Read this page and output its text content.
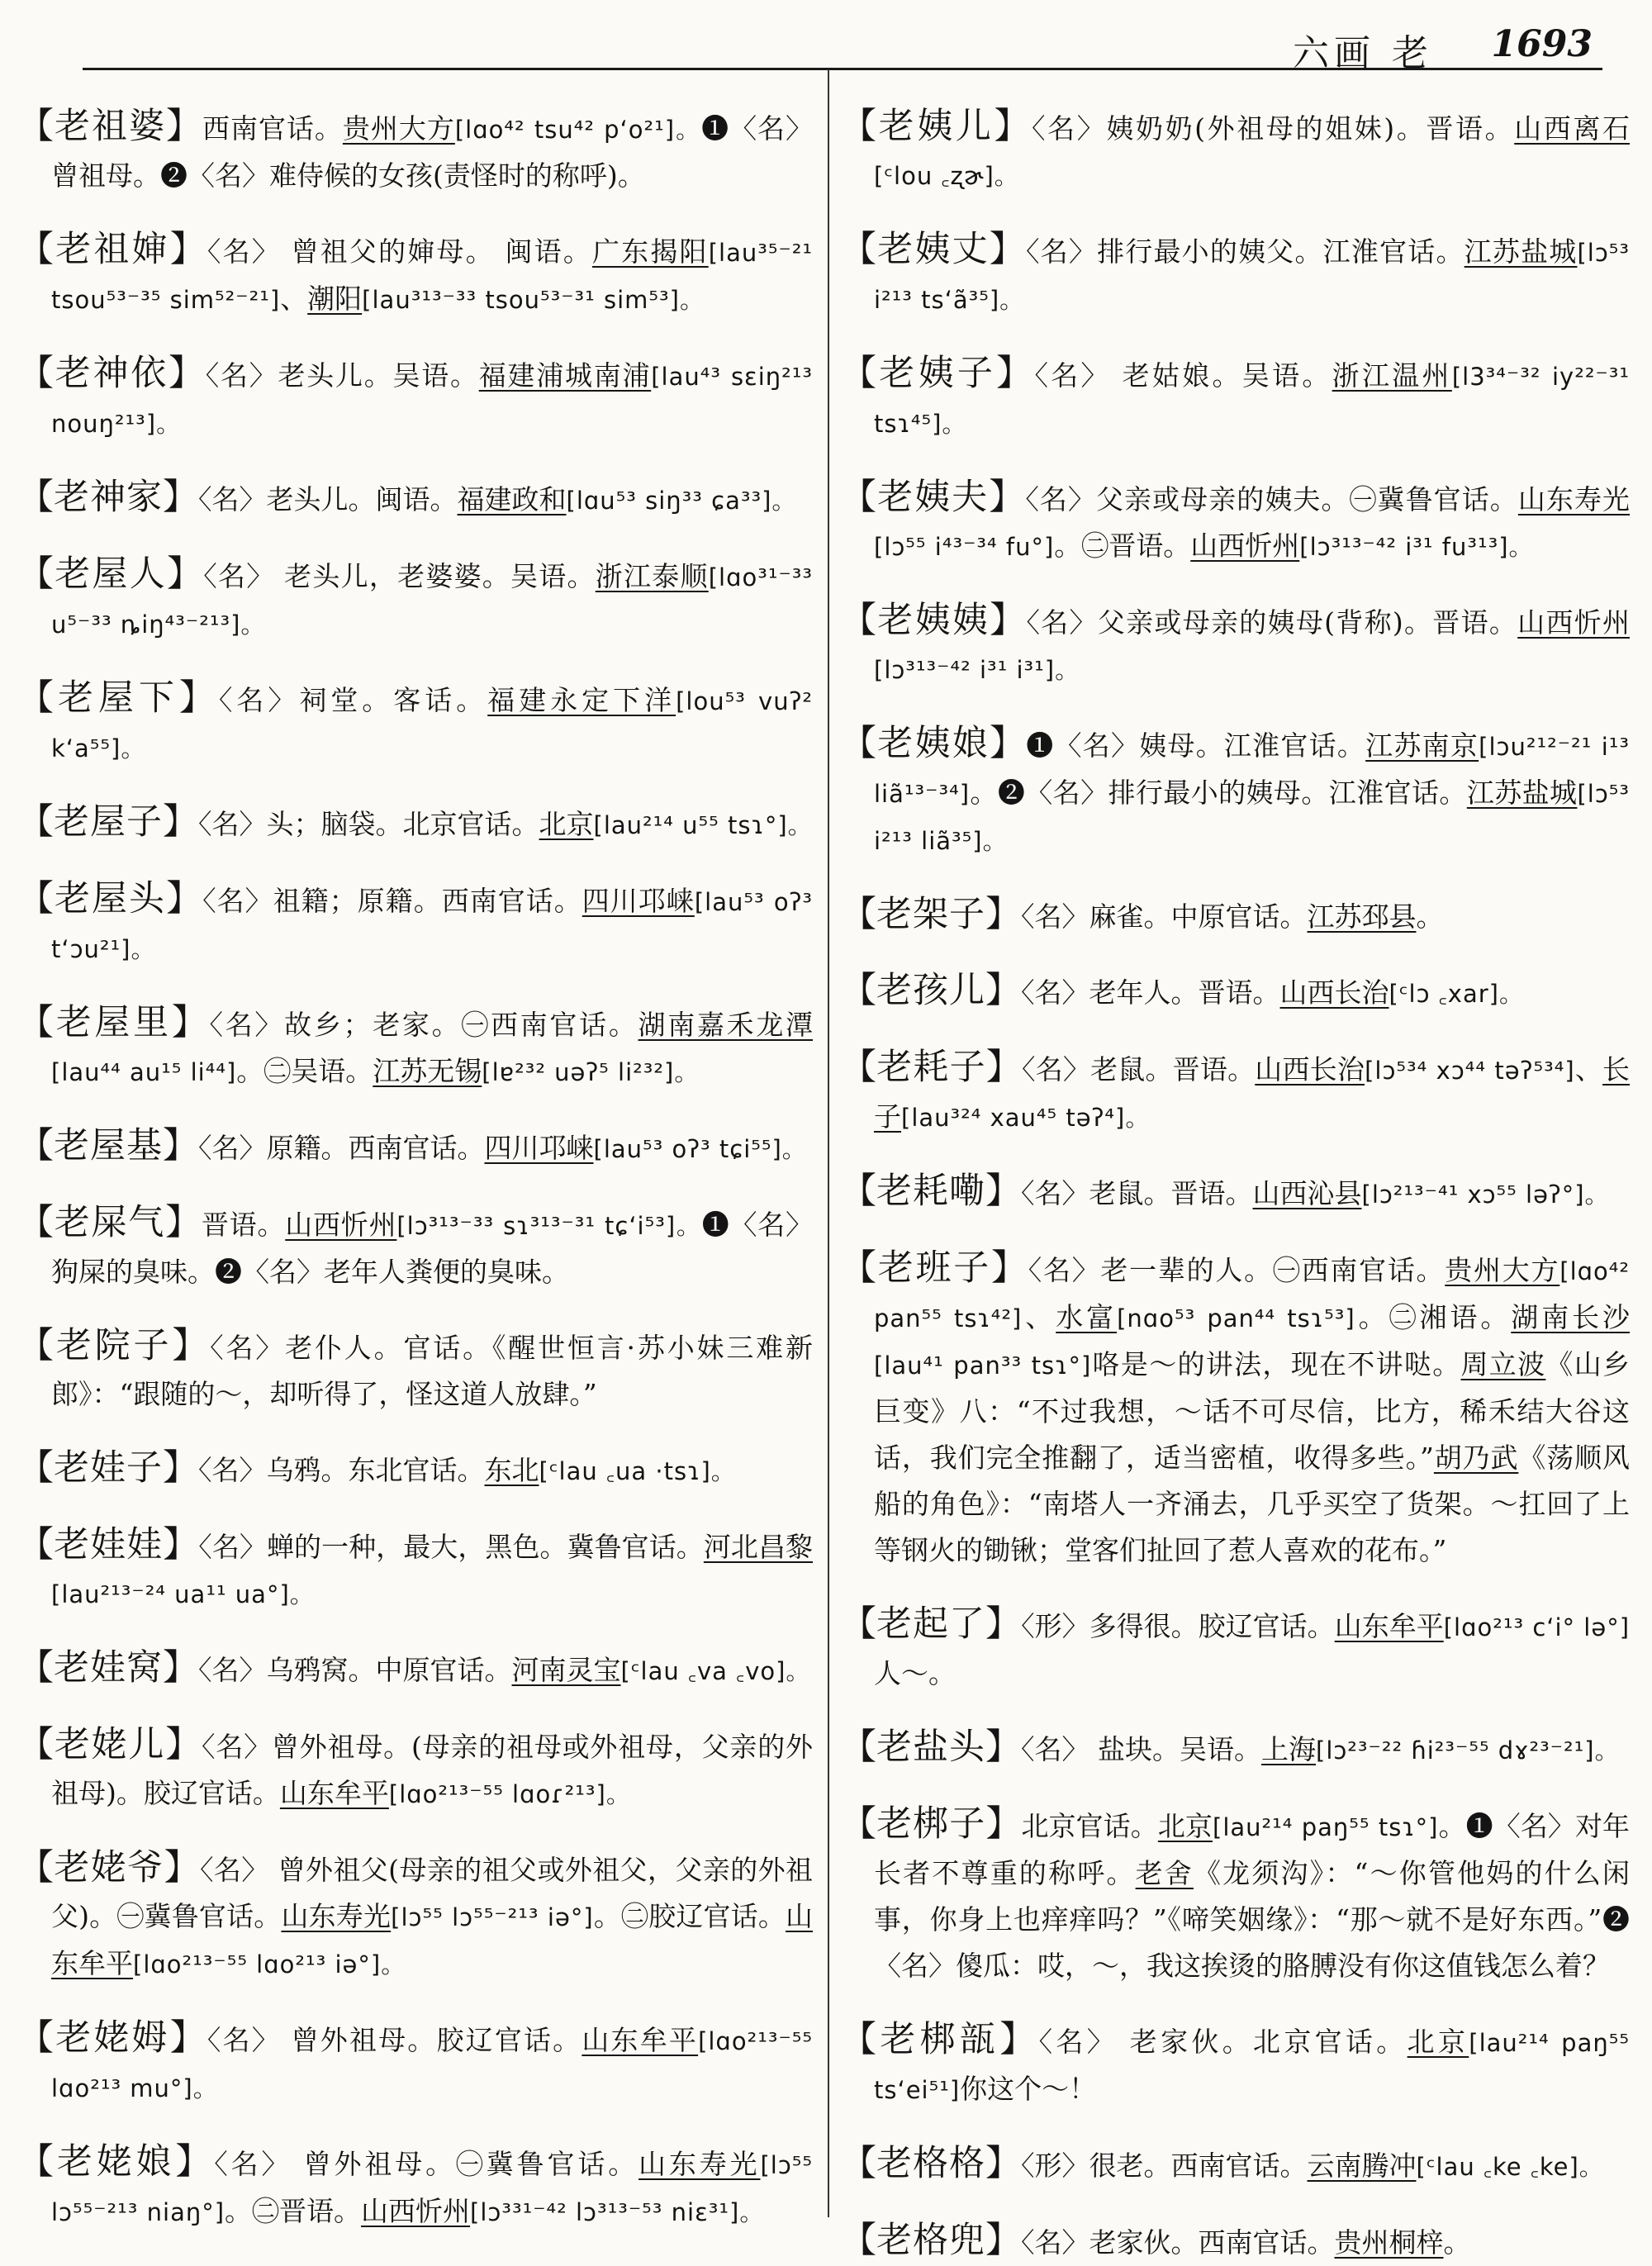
六画 老 1693

【老祖婆】西南官话。贵州大方[lɑo⁴² tsu⁴² p‘o²¹]。❶〈名〉曾祖母。❷〈名〉难侍候的女孩(责怪时的称呼)。

【老祖婶】〈名〉 曾祖父的婶母。 闽语。广东揭阳[lau³⁵⁻²¹ tsou⁵³⁻³⁵ sim⁵²⁻²¹]、潮阳[lau³¹³⁻³³ tsou⁵³⁻³¹ sim⁵³]。

【老神依】〈名〉老头儿。吴语。福建浦城南浦[lau⁴³ sɛiŋ²¹³ nouŋ²¹³]。

【老神家】〈名〉老头儿。闽语。福建政和[lɑu⁵³ siŋ³³ ɕa³³]。

【老屋人】〈名〉 老头儿，老婆婆。吴语。浙江泰顺[lɑo³¹⁻³³ u⁵⁻³³ ȵiŋ⁴³⁻²¹³]。

【老屋下】〈名〉祠堂。客话。福建永定下洋[lou⁵³ vuʔ² k‘a⁵⁵]。

【老屋子】〈名〉头；脑袋。北京官话。北京[lau²¹⁴ u⁵⁵ tsɿ°]。

【老屋头】〈名〉祖籍；原籍。西南官话。四川邛崃[lau⁵³ oʔ³ t‘ɔu²¹]。

【老屋里】〈名〉故乡；老家。㊀西南官话。湖南嘉禾龙潭[lau⁴⁴ au¹⁵ li⁴⁴]。㊁吴语。江苏无锡[lɐ²³² uəʔ⁵ li²³²]。

【老屋基】〈名〉原籍。西南官话。四川邛崃[lau⁵³ oʔ³ tɕi⁵⁵]。

【老屎气】晋语。山西忻州[lɔ³¹³⁻³³ sɿ³¹³⁻³¹ tɕ‘i⁵³]。❶〈名〉狗屎的臭味。❷〈名〉老年人粪便的臭味。

【老院子】〈名〉老仆人。官话。《醒世恒言·苏小妹三难新郎》：“跟随的～，却听得了，怪这道人放肆。”

【老娃子】〈名〉乌鸦。东北官话。东北[ᶜlau ꜀ua ·tsɿ]。

【老娃娃】〈名〉蝉的一种，最大，黑色。冀鲁官话。河北昌黎[lau²¹³⁻²⁴ ua¹¹ ua°]。

【老娃窝】〈名〉乌鸦窝。中原官话。河南灵宝[ᶜlau ꜀va ꜀vo]。

【老姥儿】〈名〉曾外祖母。(母亲的祖母或外祖母，父亲的外祖母)。胶辽官话。山东牟平[lɑo²¹³⁻⁵⁵ lɑoɾ²¹³]。

【老姥爷】〈名〉 曾外祖父(母亲的祖父或外祖父，父亲的外祖父)。㊀冀鲁官话。山东寿光[lɔ⁵⁵ lɔ⁵⁵⁻²¹³ iə°]。㊁胶辽官话。山东牟平[lɑo²¹³⁻⁵⁵ lɑo²¹³ iə°]。

【老姥姆】〈名〉 曾外祖母。胶辽官话。山东牟平[lɑo²¹³⁻⁵⁵ lɑo²¹³ mu°]。

【老姥娘】〈名〉 曾外祖母。㊀冀鲁官话。山东寿光[lɔ⁵⁵ lɔ⁵⁵⁻²¹³ niaŋ°]。㊁晋语。山西忻州[lɔ³³¹⁻⁴² lɔ³¹³⁻⁵³ niɛ³¹]。

【老姨儿】〈名〉姨奶奶(外祖母的姐妹)。晋语。山西离石[ᶜlou ꜀ʐɚ]。

【老姨丈】〈名〉排行最小的姨父。江淮官话。江苏盐城[lɔ⁵³ i²¹³ ts‘ã³⁵]。

【老姨子】〈名〉 老姑娘。吴语。浙江温州[l3³⁴⁻³² iy²²⁻³¹ tsɿ⁴⁵]。

【老姨夫】〈名〉父亲或母亲的姨夫。㊀冀鲁官话。山东寿光[lɔ⁵⁵ i⁴³⁻³⁴ fu°]。㊁晋语。山西忻州[lɔ³¹³⁻⁴² i³¹ fu³¹³]。

【老姨姨】〈名〉父亲或母亲的姨母(背称)。晋语。山西忻州[lɔ³¹³⁻⁴² i³¹ i³¹]。

【老姨娘】❶〈名〉姨母。江淮官话。江苏南京[lɔu²¹²⁻²¹ i¹³ liã¹³⁻³⁴]。❷〈名〉排行最小的姨母。江淮官话。江苏盐城[lɔ⁵³ i²¹³ liã³⁵]。

【老架子】〈名〉麻雀。中原官话。江苏邳县。

【老孩儿】〈名〉老年人。晋语。山西长治[ᶜlɔ ꜀xar]。

【老耗子】〈名〉老鼠。晋语。山西长治[lɔ⁵³⁴ xɔ⁴⁴ təʔ⁵³⁴]、长子[lau³²⁴ xau⁴⁵ təʔ⁴]。

【老耗嘞】〈名〉老鼠。晋语。山西沁县[lɔ²¹³⁻⁴¹ xɔ⁵⁵ ləʔ°]。

【老班子】〈名〉老一辈的人。㊀西南官话。贵州大方[lɑo⁴² pan⁵⁵ tsɿ⁴²]、水富[nɑo⁵³ pan⁴⁴ tsɿ⁵³]。㊁湘语。湖南长沙[lau⁴¹ pan³³ tsɿ°]咯是～的讲法，现在不讲哒。周立波《山乡巨变》八：“不过我想，～话不可尽信，比方，稀禾结大谷这话，我们完全推翻了，适当密植，收得多些。”胡乃武《荡顺风船的角色》：“南塔人一齐涌去，几乎买空了货架。～扛回了上等钢火的锄锹；堂客们扯回了惹人喜欢的花布。”

【老起了】〈形〉多得很。胶辽官话。山东牟平[lɑo²¹³ c‘i° lə°]人～。

【老盐头】〈名〉 盐块。吴语。上海[lɔ²³⁻²² ɦi²³⁻⁵⁵ dɤ²³⁻²¹]。

【老梆子】北京官话。北京[lau²¹⁴ paŋ⁵⁵ tsɿ°]。❶〈名〉对年长者不尊重的称呼。老舍《龙须沟》：“～你管他妈的什么闲事，你身上也痒痒吗？”《啼笑姻缘》：“那～就不是好东西。”❷〈名〉傻瓜：哎，～，我这挨烫的胳膊没有你这值钱怎么着？

【老梆瓿】〈名〉 老家伙。北京官话。北京[lau²¹⁴ paŋ⁵⁵ ts‘ei⁵¹]你这个～！

【老格格】〈形〉很老。西南官话。云南腾冲[ᶜlau ꜀ke ꜀ke]。

【老格兜】〈名〉老家伙。西南官话。贵州桐梓。
